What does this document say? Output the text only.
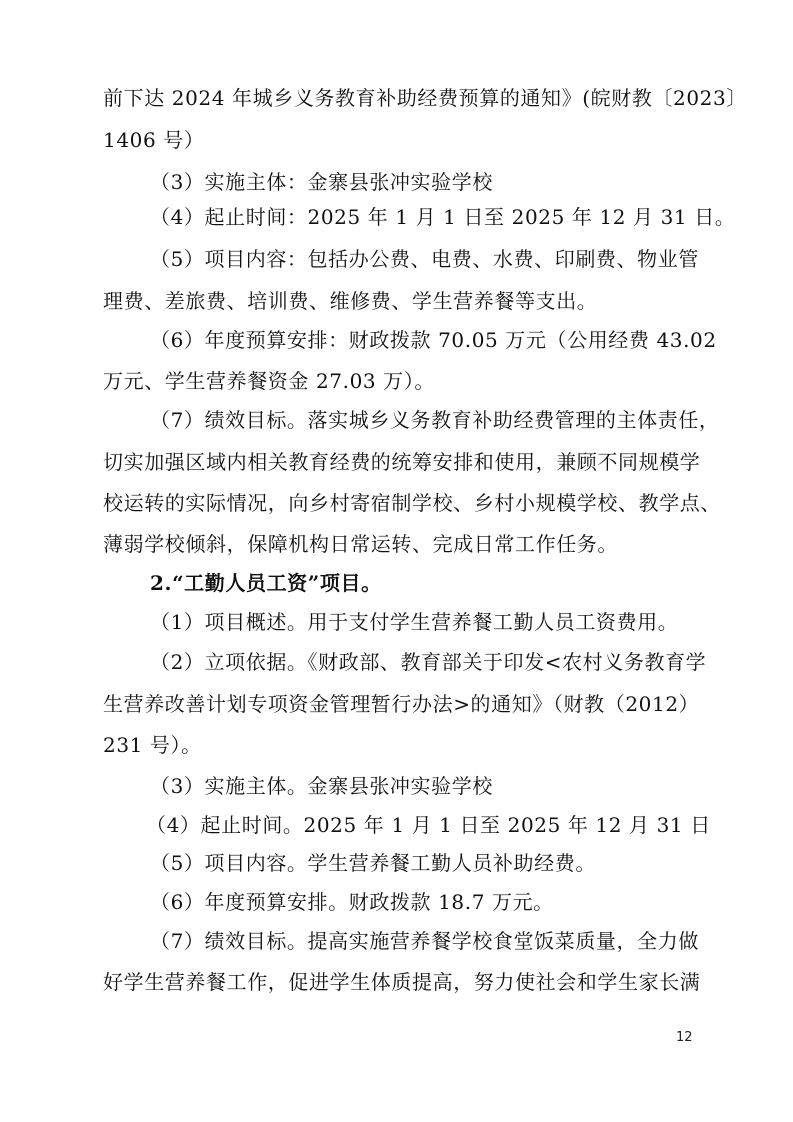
前下达 2024 年城乡义务教育补助经费预算的通知》(皖财教〔2023〕
1406 号）
（3）实施主体：金寨县张冲实验学校
（4）起止时间：2025 年 1 月 1 日至 2025 年 12 月 31 日。
（5）项目内容：包括办公费、电费、水费、印刷费、物业管
理费、差旅费、培训费、维修费、学生营养餐等支出。
（6）年度预算安排：财政拨款 70.05 万元（公用经费 43.02
万元、学生营养餐资金 27.03 万）。
（7）绩效目标。落实城乡义务教育补助经费管理的主体责任，
切实加强区域内相关教育经费的统筹安排和使用，兼顾不同规模学
校运转的实际情况，向乡村寄宿制学校、乡村小规模学校、教学点、
薄弱学校倾斜，保障机构日常运转、完成日常工作任务。
2.“工勤人员工资”项目。
（1）项目概述。用于支付学生营养餐工勤人员工资费用。
（2）立项依据。《财政部、教育部关于印发<农村义务教育学
生营养改善计划专项资金管理暂行办法>的通知》（财教（2012）
231 号）。
（3）实施主体。金寨县张冲实验学校
（4）起止时间。2025 年 1 月 1 日至 2025 年 12 月 31 日
（5）项目内容。学生营养餐工勤人员补助经费。
（6）年度预算安排。财政拨款 18.7 万元。
（7）绩效目标。提高实施营养餐学校食堂饭菜质量，全力做
好学生营养餐工作，促进学生体质提高，努力使社会和学生家长满
12
